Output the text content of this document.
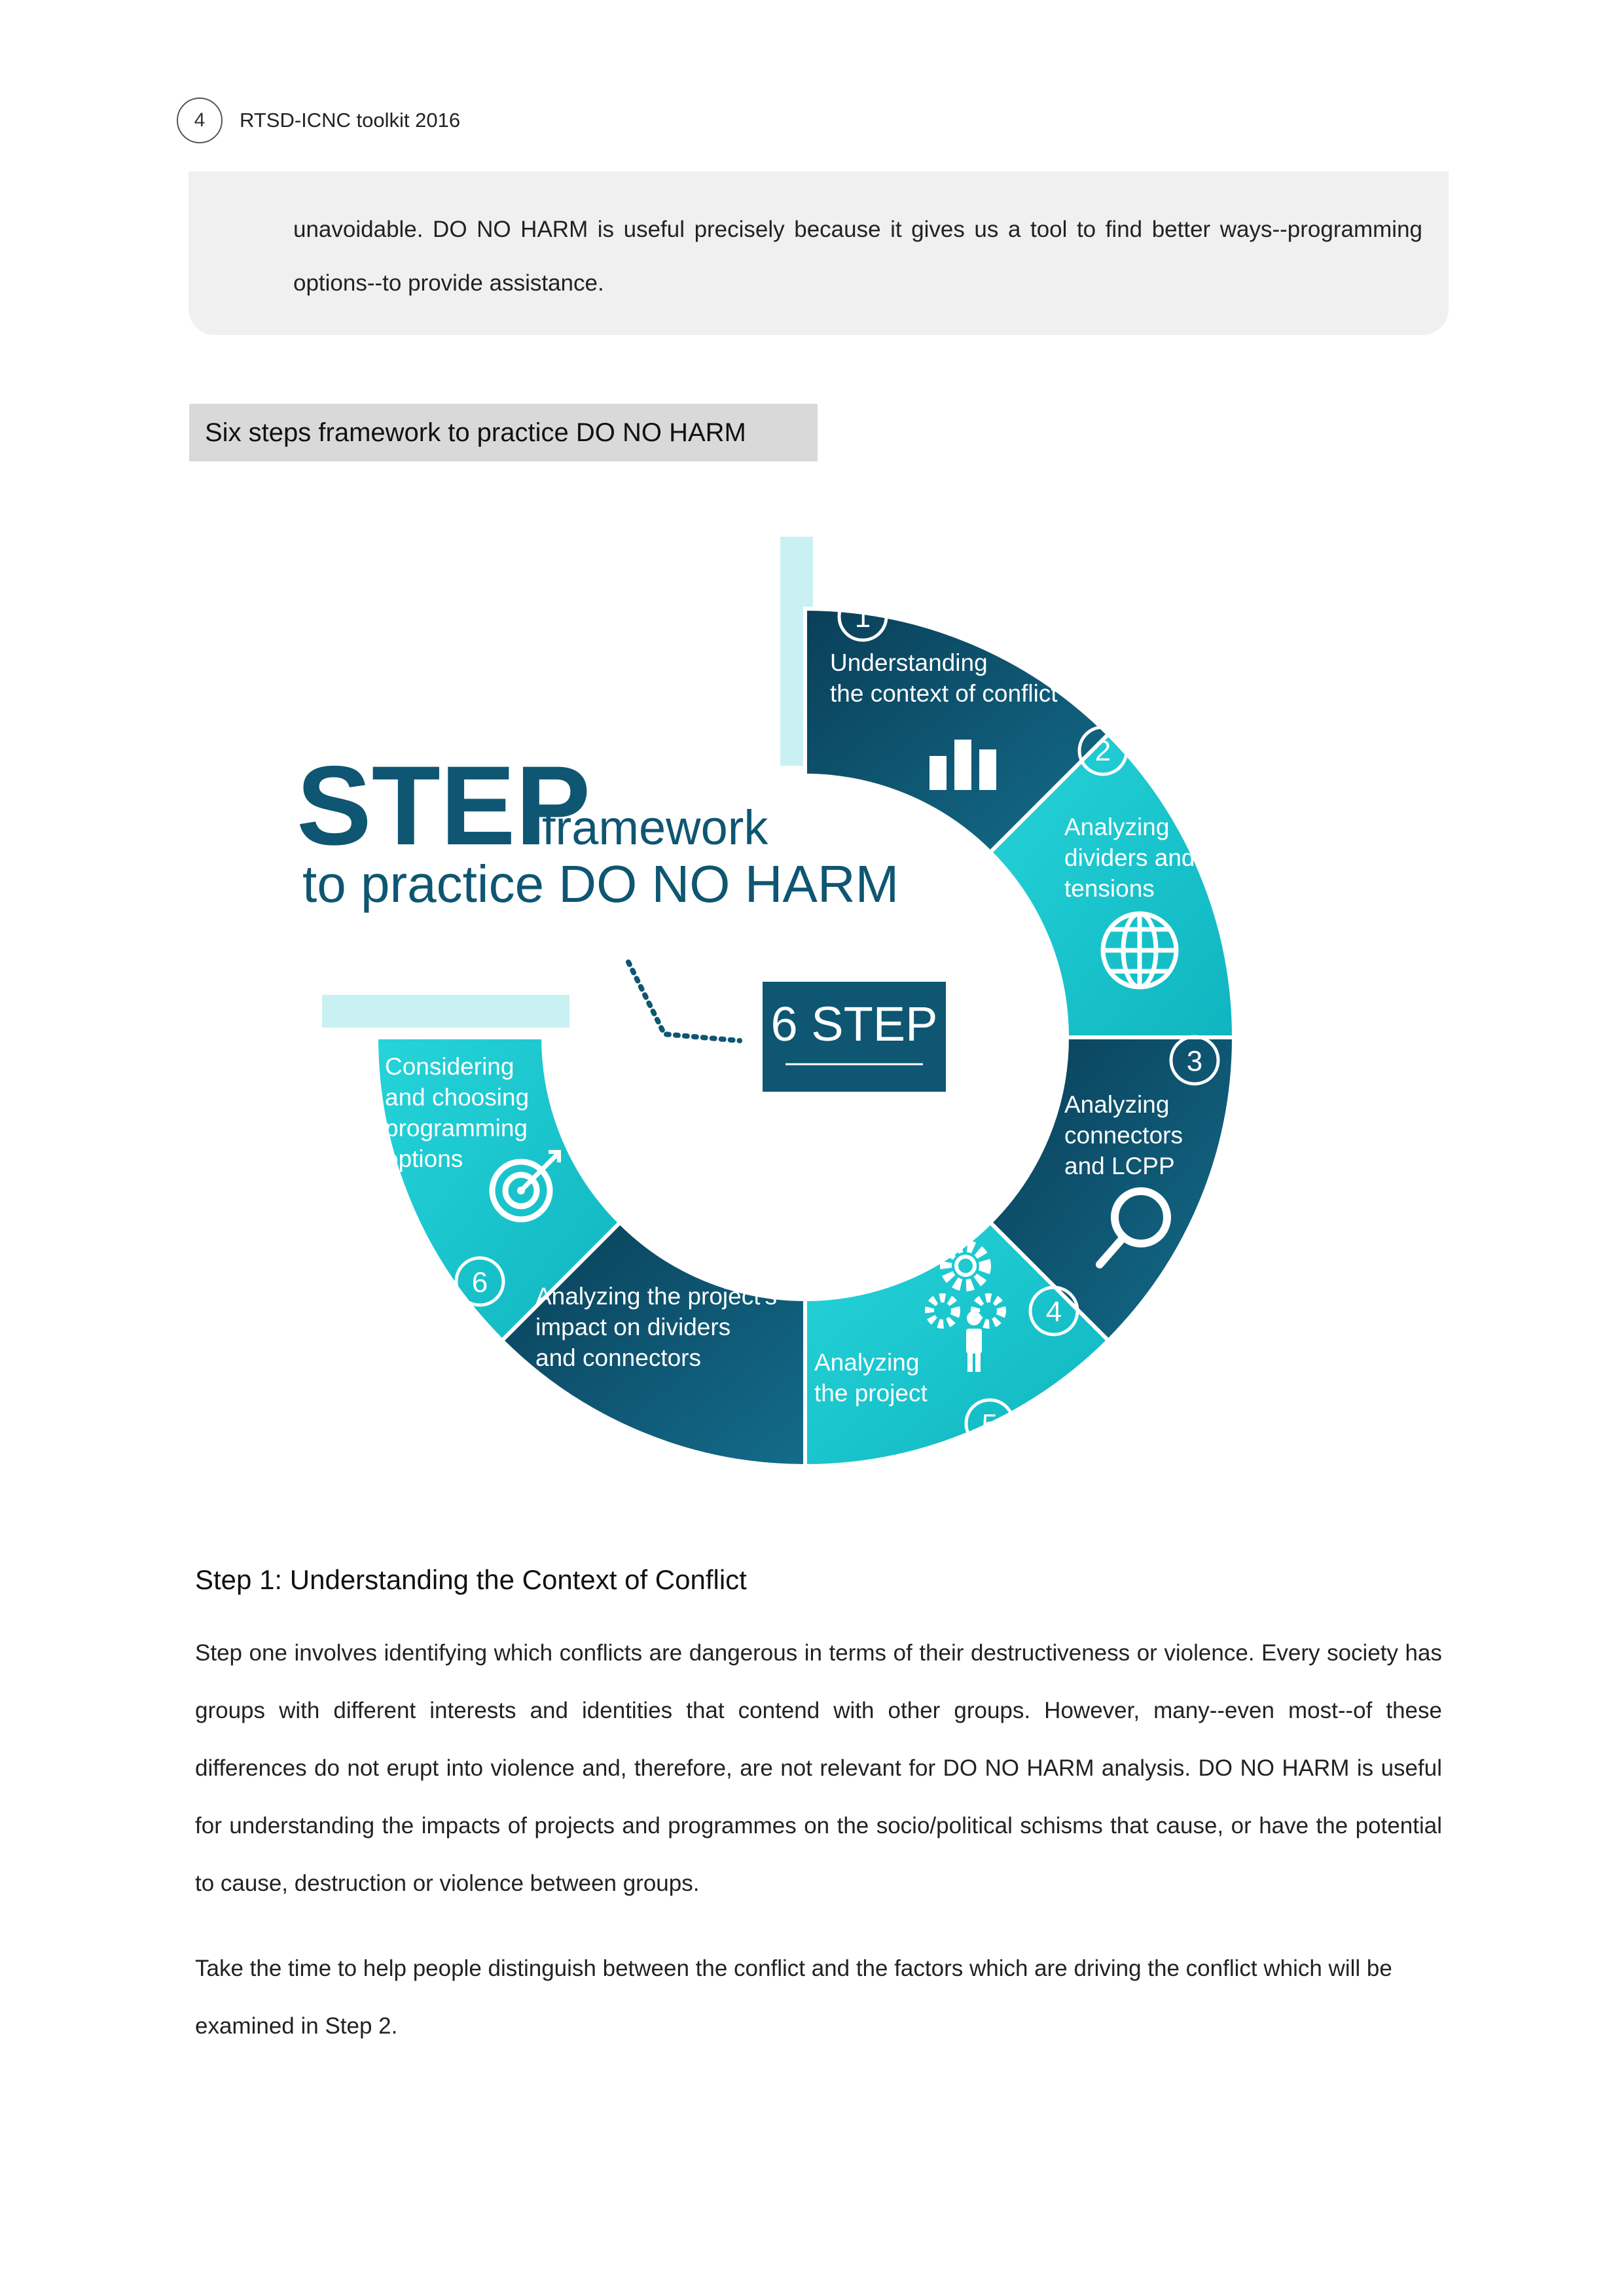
4	RTSD-ICNC toolkit 2016
unavoidable. DO NO HARM is useful precisely because it gives us a tool to find better ways--programming options--to provide assistance.
Six steps framework to practice DO NO HARM
STEP
framework
to practice DO NO HARM
6 STEP
1
Understanding
the context of conflict
2
Analyzing
dividers and
tensions
3
Analyzing
connectors
and LCPP
4
Analyzing
the project
5
Analyzing the project's
impact on dividers
and connectors
6
Considering
and choosing
programming
options
Step 1: Understanding the Context of Conflict
Step one involves identifying which conflicts are dangerous in terms of their destructiveness or violence. Every society has groups with different interests and identities that contend with other groups. However, many--even most--of these differences do not erupt into violence and, therefore, are not relevant for DO NO HARM analysis. DO NO HARM is useful for understanding the impacts of projects and programmes on the socio/political schisms that cause, or have the potential to cause, destruction or violence between groups.
Take the time to help people distinguish between the conflict and the factors which are driving the conflict which will be examined in Step 2.
